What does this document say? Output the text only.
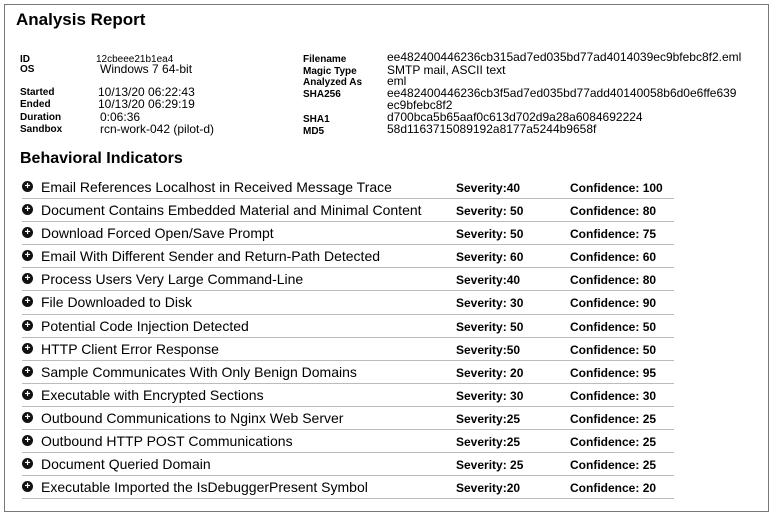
Analysis Report
ID	12cbeee21b1ea4
OS	Windows 7 64-bit
Started	10/13/20 06:22:43
Ended	10/13/20 06:29:19
Duration	0:06:36
Sandbox	rcn-work-042 (pilot-d)
Filename	ee482400446236cb315ad7ed035bd77ad4014039ec9bfebc8f2.eml
Magic Type	SMTP mail, ASCII text
Analyzed As eml
SHA256	ee482400446236cb3f5ad7ed035bd77add40140058b6d0e6ffe639
ec9bfebc8f2
SHA1	d700bca5b65aaf0c613d702d9a28a6084692224
MD5	58d1163715089192a8177a5244b9658f
Behavioral Indicators
+ Email References Localhost in Received Message Trace	Severity:40	Confidence: 100
+ Document Contains Embedded Material and Minimal Content	Severity: 50	Confidence: 80
+ Download Forced Open/Save Prompt	Severity: 50	Confidence: 75
+ Email With Different Sender and Return-Path Detected	Severity: 60	Confidence: 60
+ Process Users Very Large Command-Line	Severity:40	Confidence: 80
+ File Downloaded to Disk	Severity: 30	Confidence: 90
+ Potential Code Injection Detected	Severity: 50	Confidence: 50
+ HTTP Client Error Response	Severity:50	Confidence: 50
+ Sample Communicates With Only Benign Domains	Severity: 20	Confidence: 95
+ Executable with Encrypted Sections	Severity: 30	Confidence: 30
+ Outbound Communications to Nginx Web Server	Severity:25	Confidence: 25
+ Outbound HTTP POST Communications	Severity:25	Confidence: 25
+ Document Queried Domain	Severity: 25	Confidence: 25
+ Executable Imported the IsDebuggerPresent Symbol	Severity:20	Confidence: 20
